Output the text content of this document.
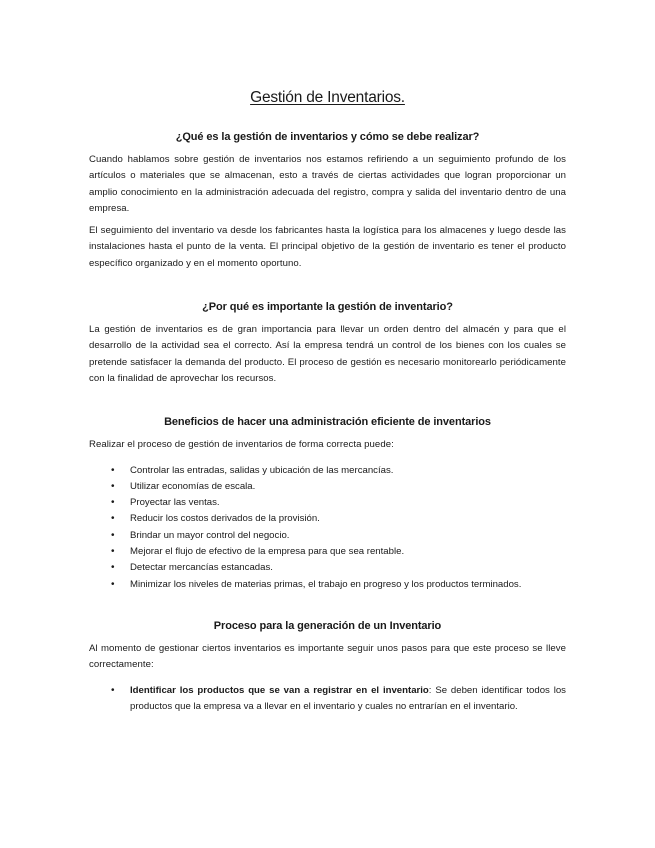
Gestión de Inventarios.
¿Qué es la gestión de inventarios y cómo se debe realizar?

Cuando hablamos sobre gestión de inventarios nos estamos refiriendo a un seguimiento profundo de los artículos o materiales que se almacenan, esto a través de ciertas actividades que logran proporcionar un amplio conocimiento en la administración adecuada del registro, compra y salida del inventario dentro de una empresa.

El seguimiento del inventario va desde los fabricantes hasta la logística para los almacenes y luego desde las instalaciones hasta el punto de la venta. El principal objetivo de la gestión de inventario es tener el producto específico organizado y en el momento oportuno.

¿Por qué es importante la gestión de inventario?

La gestión de inventarios es de gran importancia para llevar un orden dentro del almacén y para que el desarrollo de la actividad sea el correcto. Así la empresa tendrá un control de los bienes con los cuales se pretende satisfacer la demanda del producto. El proceso de gestión es necesario monitorearlo periódicamente con la finalidad de aprovechar los recursos.

Beneficios de hacer una administración eficiente de inventarios

Realizar el proceso de gestión de inventarios de forma correcta puede:

• Controlar las entradas, salidas y ubicación de las mercancías.
• Utilizar economías de escala.
• Proyectar las ventas.
• Reducir los costos derivados de la provisión.
• Brindar un mayor control del negocio.
• Mejorar el flujo de efectivo de la empresa para que sea rentable.
• Detectar mercancías estancadas.
• Minimizar los niveles de materias primas, el trabajo en progreso y los productos terminados.
Proceso para la generación de un Inventario

Al momento de gestionar ciertos inventarios es importante seguir unos pasos para que este proceso se lleve correctamente:

• Identificar los productos que se van a registrar en el inventario: Se deben identificar todos los productos que la empresa va a llevar en el inventario y cuales no entrarían en el inventario.
